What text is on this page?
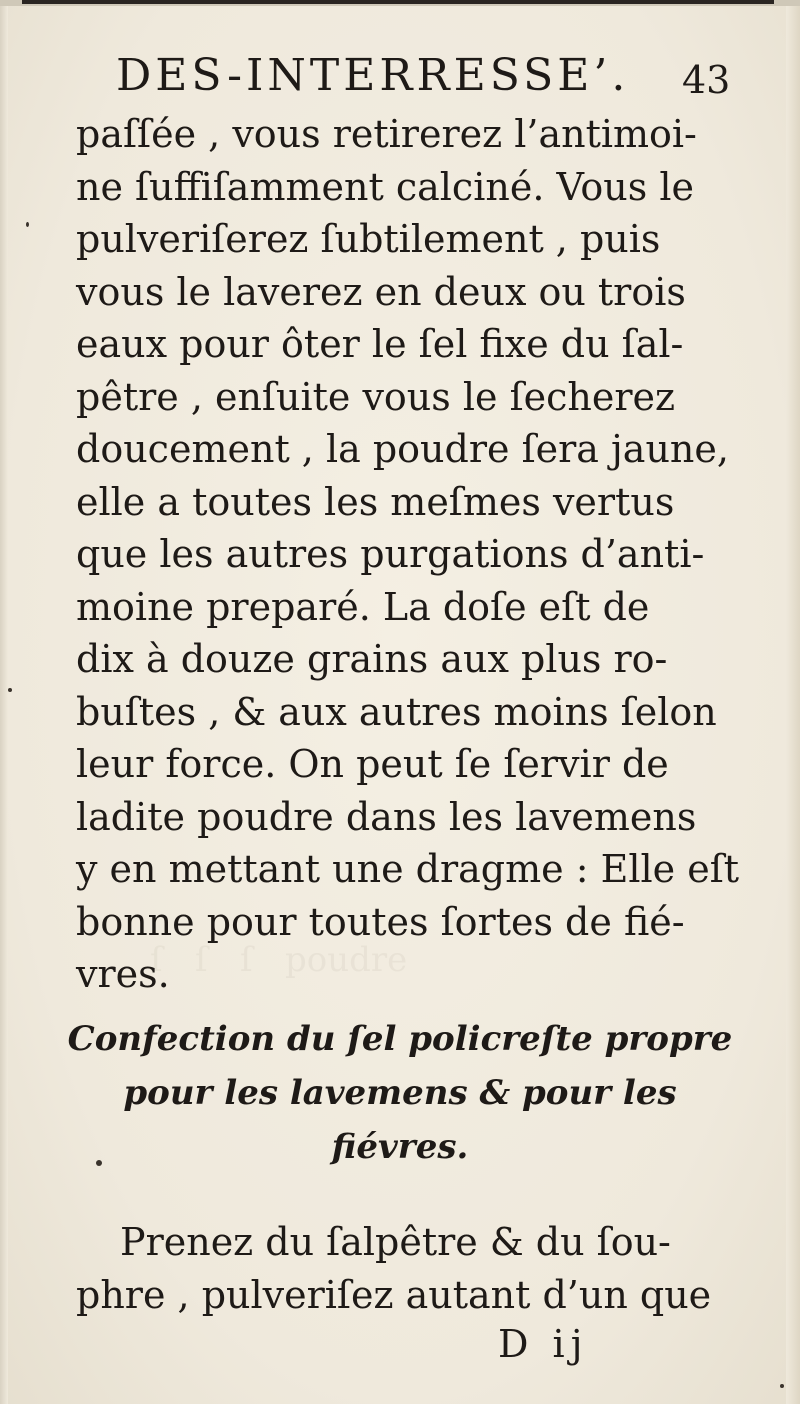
ſ   ſ   ſ   poudre
DES-INTERRESSE’. 43
paſſée , vous retirerez l’antimoi-
ne ſuffiſamment calciné. Vous le
pulveriſerez ſubtilement , puis
vous le laverez en deux ou trois
eaux pour ôter le ſel fixe du ſal-
pêtre , enſuite vous le ſecherez
doucement , la poudre ſera jaune,
elle a toutes les meſmes vertus
que les autres purgations d’anti-
moine preparé. La doſe eſt de
dix à douze grains aux plus ro-
buſtes , & aux autres moins ſelon
leur force. On peut ſe ſervir de
ladite poudre dans les lavemens
y en mettant une dragme : Elle eſt
bonne pour toutes ſortes de fié-
vres.
Confection du ſel policreſte propre
pour les lavemens & pour les
fiévres.
Prenez du ſalpêtre & du ſou-
phre , pulveriſez autant d’un que
D ij
